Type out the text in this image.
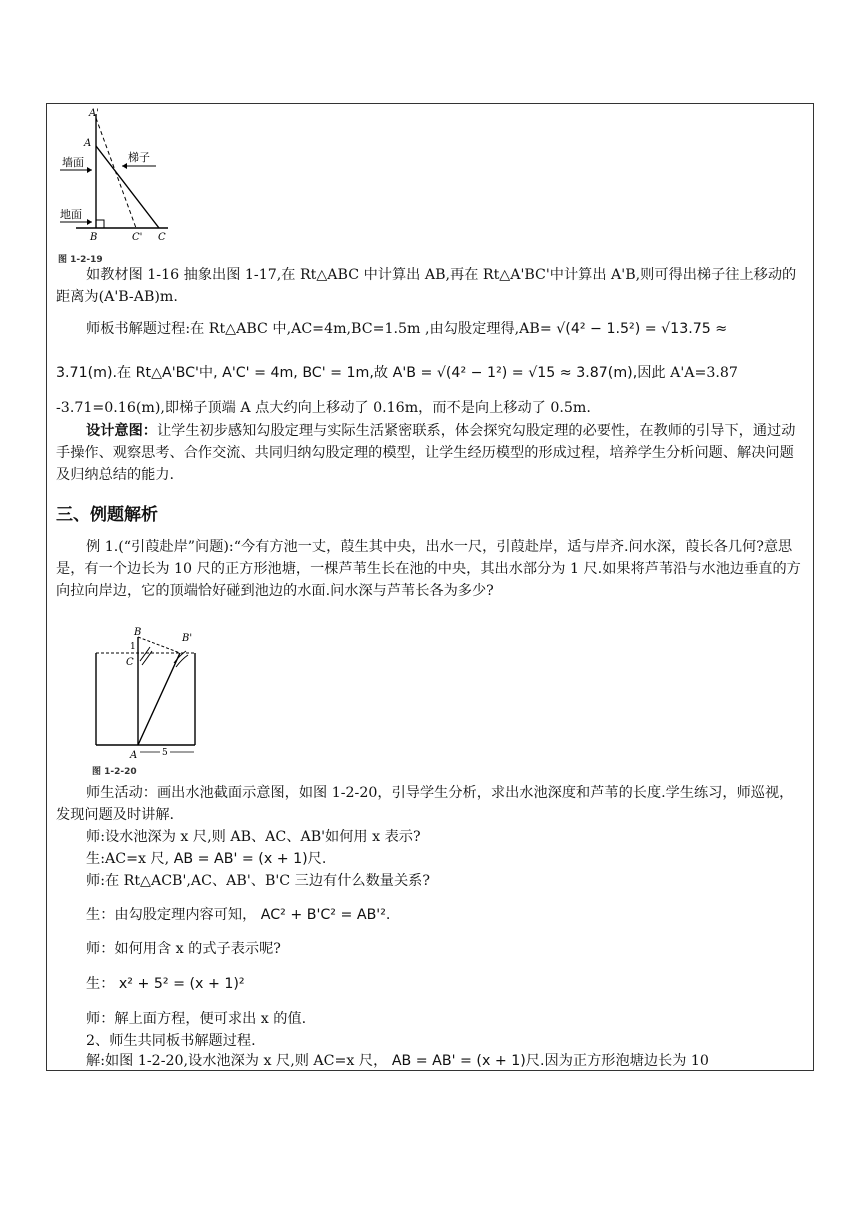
A'
A
B	C' C
墙面	梯子
地面
图 1-2-19

如教材图 1-16 抽象出图 1-17,在 Rt△ABC 中计算出 AB,再在 Rt△A'BC'中计算出 A'B,则可得出梯子往上移动的距离为(A'B-AB)m.

师板书解题过程:在 Rt△ABC 中,AC=4m,BC=1.5m ,由勾股定理得,AB= √(4² − 1.5²) = √13.75 ≈

3.71(m).在 Rt△A'BC'中, A'C' = 4m, BC' = 1m,故 A'B = √(4² − 1²) = √15 ≈ 3.87(m),因此 A'A=3.87

-3.71=0.16(m),即梯子顶端 A 点大约向上移动了 0.16m，而不是向上移动了 0.5m.

设计意图：让学生初步感知勾股定理与实际生活紧密联系，体会探究勾股定理的必要性，在教师的引导下，通过动手操作、观察思考、合作交流、共同归纳勾股定理的模型，让学生经历模型的形成过程，培养学生分析问题、解决问题及归纳总结的能力.

三、例题解析

例 1.(“引葭赴岸”问题):“今有方池一丈，葭生其中央，出水一尺，引葭赴岸，适与岸齐.问水深，葭长各几何?意思是，有一个边长为 10 尺的正方形池塘，一棵芦苇生长在池的中央，其出水部分为 1 尺.如果将芦苇沿与水池边垂直的方向拉向岸边，它的顶端恰好碰到池边的水面.问水深与芦苇长各为多少?

B
B'
1
C
A	5
图 1-2-20

师生活动：画出水池截面示意图，如图 1-2-20，引导学生分析，求出水池深度和芦苇的长度.学生练习，师巡视，发现问题及时讲解.

师:设水池深为 x 尺,则 AB、AC、AB'如何用 x 表示?

生:AC=x 尺, AB = AB' = (x + 1)尺.

师:在 Rt△ACB',AC、AB'、B'C 三边有什么数量关系?

生：由勾股定理内容可知， AC² + B'C² = AB'².

师：如何用含 x 的式子表示呢?

生： x² + 5² = (x + 1)²

师：解上面方程，便可求出 x 的值.

2、师生共同板书解题过程.

解:如图 1-2-20,设水池深为 x 尺,则 AC=x 尺， AB = AB' = (x + 1)尺.因为正方形泡塘边长为 10
